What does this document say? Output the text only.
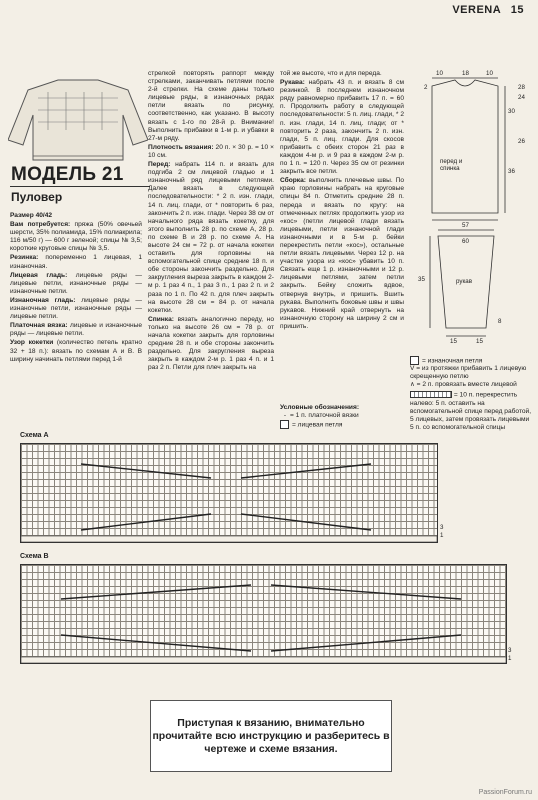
VERENA 15
МОДЕЛЬ 21
Пуловер

Размер 40/42

Вам потребуется: пряжа (50% овечьей шерсти, 35% полиамида, 15% полиакрила; 116 м/50 г) — 600 г зеленой; спицы № 3,5; короткие круговые спицы № 3,5.

Резинка: попеременно 1 лицевая, 1 изнаночная.

Лицевая гладь: лицевые ряды — лицевые петли, изнаночные ряды — изнаночные петли.

Изнаночная гладь: лицевые ряды — изнаночные петли, изнаночные ряды — лицевые петли.

Платочная вязка: лицевые и изнаночные ряды — лицевые петли.

Узор кокетки (количество петель кратно 32 + 18 п.): вязать по схемам А и В. В ширину начинать петлями перед 1-й

стрелкой повторять раппорт между стрелками, заканчивать петлями после 2-й стрелки. На схеме даны только лицевые ряды, в изнаночных рядах петли вязать по рисунку, соответственно, как указано. В высоту вязать с 1-го по 28-й р. Внимание! Выполнить прибавки в 1-м р. и убавки в 27-м ряду.

Плотность вязания: 20 п. × 30 р. = 10 × 10 см.

Перед: набрать 114 п. и вязать для подгиба 2 см лицевой гладью и 1 изнаночный ряд лицевыми петлями. Далее вязать в следующей последовательности: * 2 п. изн. глади, 14 п. лиц. глади, от * повторить 6 раз, закончить 2 п. изн. глади. Через 38 см от начального ряда вязать кокетку, для этого выполнить 28 р. по схеме А, 28 р. по схеме В и 28 р. по схеме А. На высоте 24 см = 72 р. от начала кокетки оставить для горловины на вспомогательной спице средние 18 п. и обе стороны закончить раздельно. Для закругления выреза закрыть в каждом 2-м р. 1 раз 4 п., 1 раз 3 п., 1 раз 2 п. и 2 раза по 1 п. По 42 п. для плеч закрыть на высоте 28 см = 84 р. от начала кокетки.

Спинка: вязать аналогично переду, но только на высоте 26 см = 78 р. от начала кокетки закрыть для горловины средние 28 п. и обе стороны закончить раздельно. Для закругления выреза закрыть в каждом 2-м р. 1 раз 4 п. и 1 раз 2 п. Петли для плеч закрыть на

той же высоте, что и для переда.

Рукава: набрать 43 п. и вязать 8 см резинкой. В последнем изнаночном ряду равномерно прибавить 17 п. = 60 п. Продолжить работу в следующей последовательности: 5 п. лиц. глади, * 2 п. изн. глади, 14 п. лиц. глади; от * повторить 2 раза, закончить 2 п. изн. глади, 5 п. лиц. глади. Для скосов прибавить с обеих сторон 21 раз в каждом 4-м р. и 9 раз в каждом 2-м р. по 1 п. = 120 п. Через 35 см от резинки закрыть все петли.

Сборка: выполнить плечевые швы. По краю горловины набрать на круговые спицы 84 п. Отметить средние 28 п. переда и вязать по кругу: на отмеченных петлях продолжить узор из «кос» (петли лицевой глади вязать лицевыми, петли изнаночной глади изнаночными и в 5-м р. бейки перекрестить петли «кос»), остальные петли вязать лицевыми. Через 12 р. на участке узора из «кос» убавить 10 п. Связать еще 1 р. изнаночными и 12 р. лицевыми петлями, затем петли закрыть. Бейку сложить вдвое, отвернув внутрь, и пришить. Вшить рукава. Выполнить боковые швы и швы рукавов. Нижний край отвернуть на изнаночную сторону на ширину 2 см и пришить.

Условные обозначения:
- = 1 п. платочной вязки
= лицевая петля
10	18	10
30
36
2
57
перед и спинка
60
35
8
рукав
15	15
28
24
26
= изнаночная петля
V = из протяжки прибавить 1 лицевую скрещенную петлю
∧ = 2 п. провязать вместе лицевой
= 10 п. перекрестить налево: 5 п. оставить на вспомогательной спице перед работой, 5 лицевых, затем провязать лицевыми 5 п. со вспомогательной спицы
Схема А
1
3
Схема В
1
3
Приступая к вязанию, внимательно прочитайте всю инструкцию и разберитесь в чертеже и схеме вязания.
PassionForum.ru
